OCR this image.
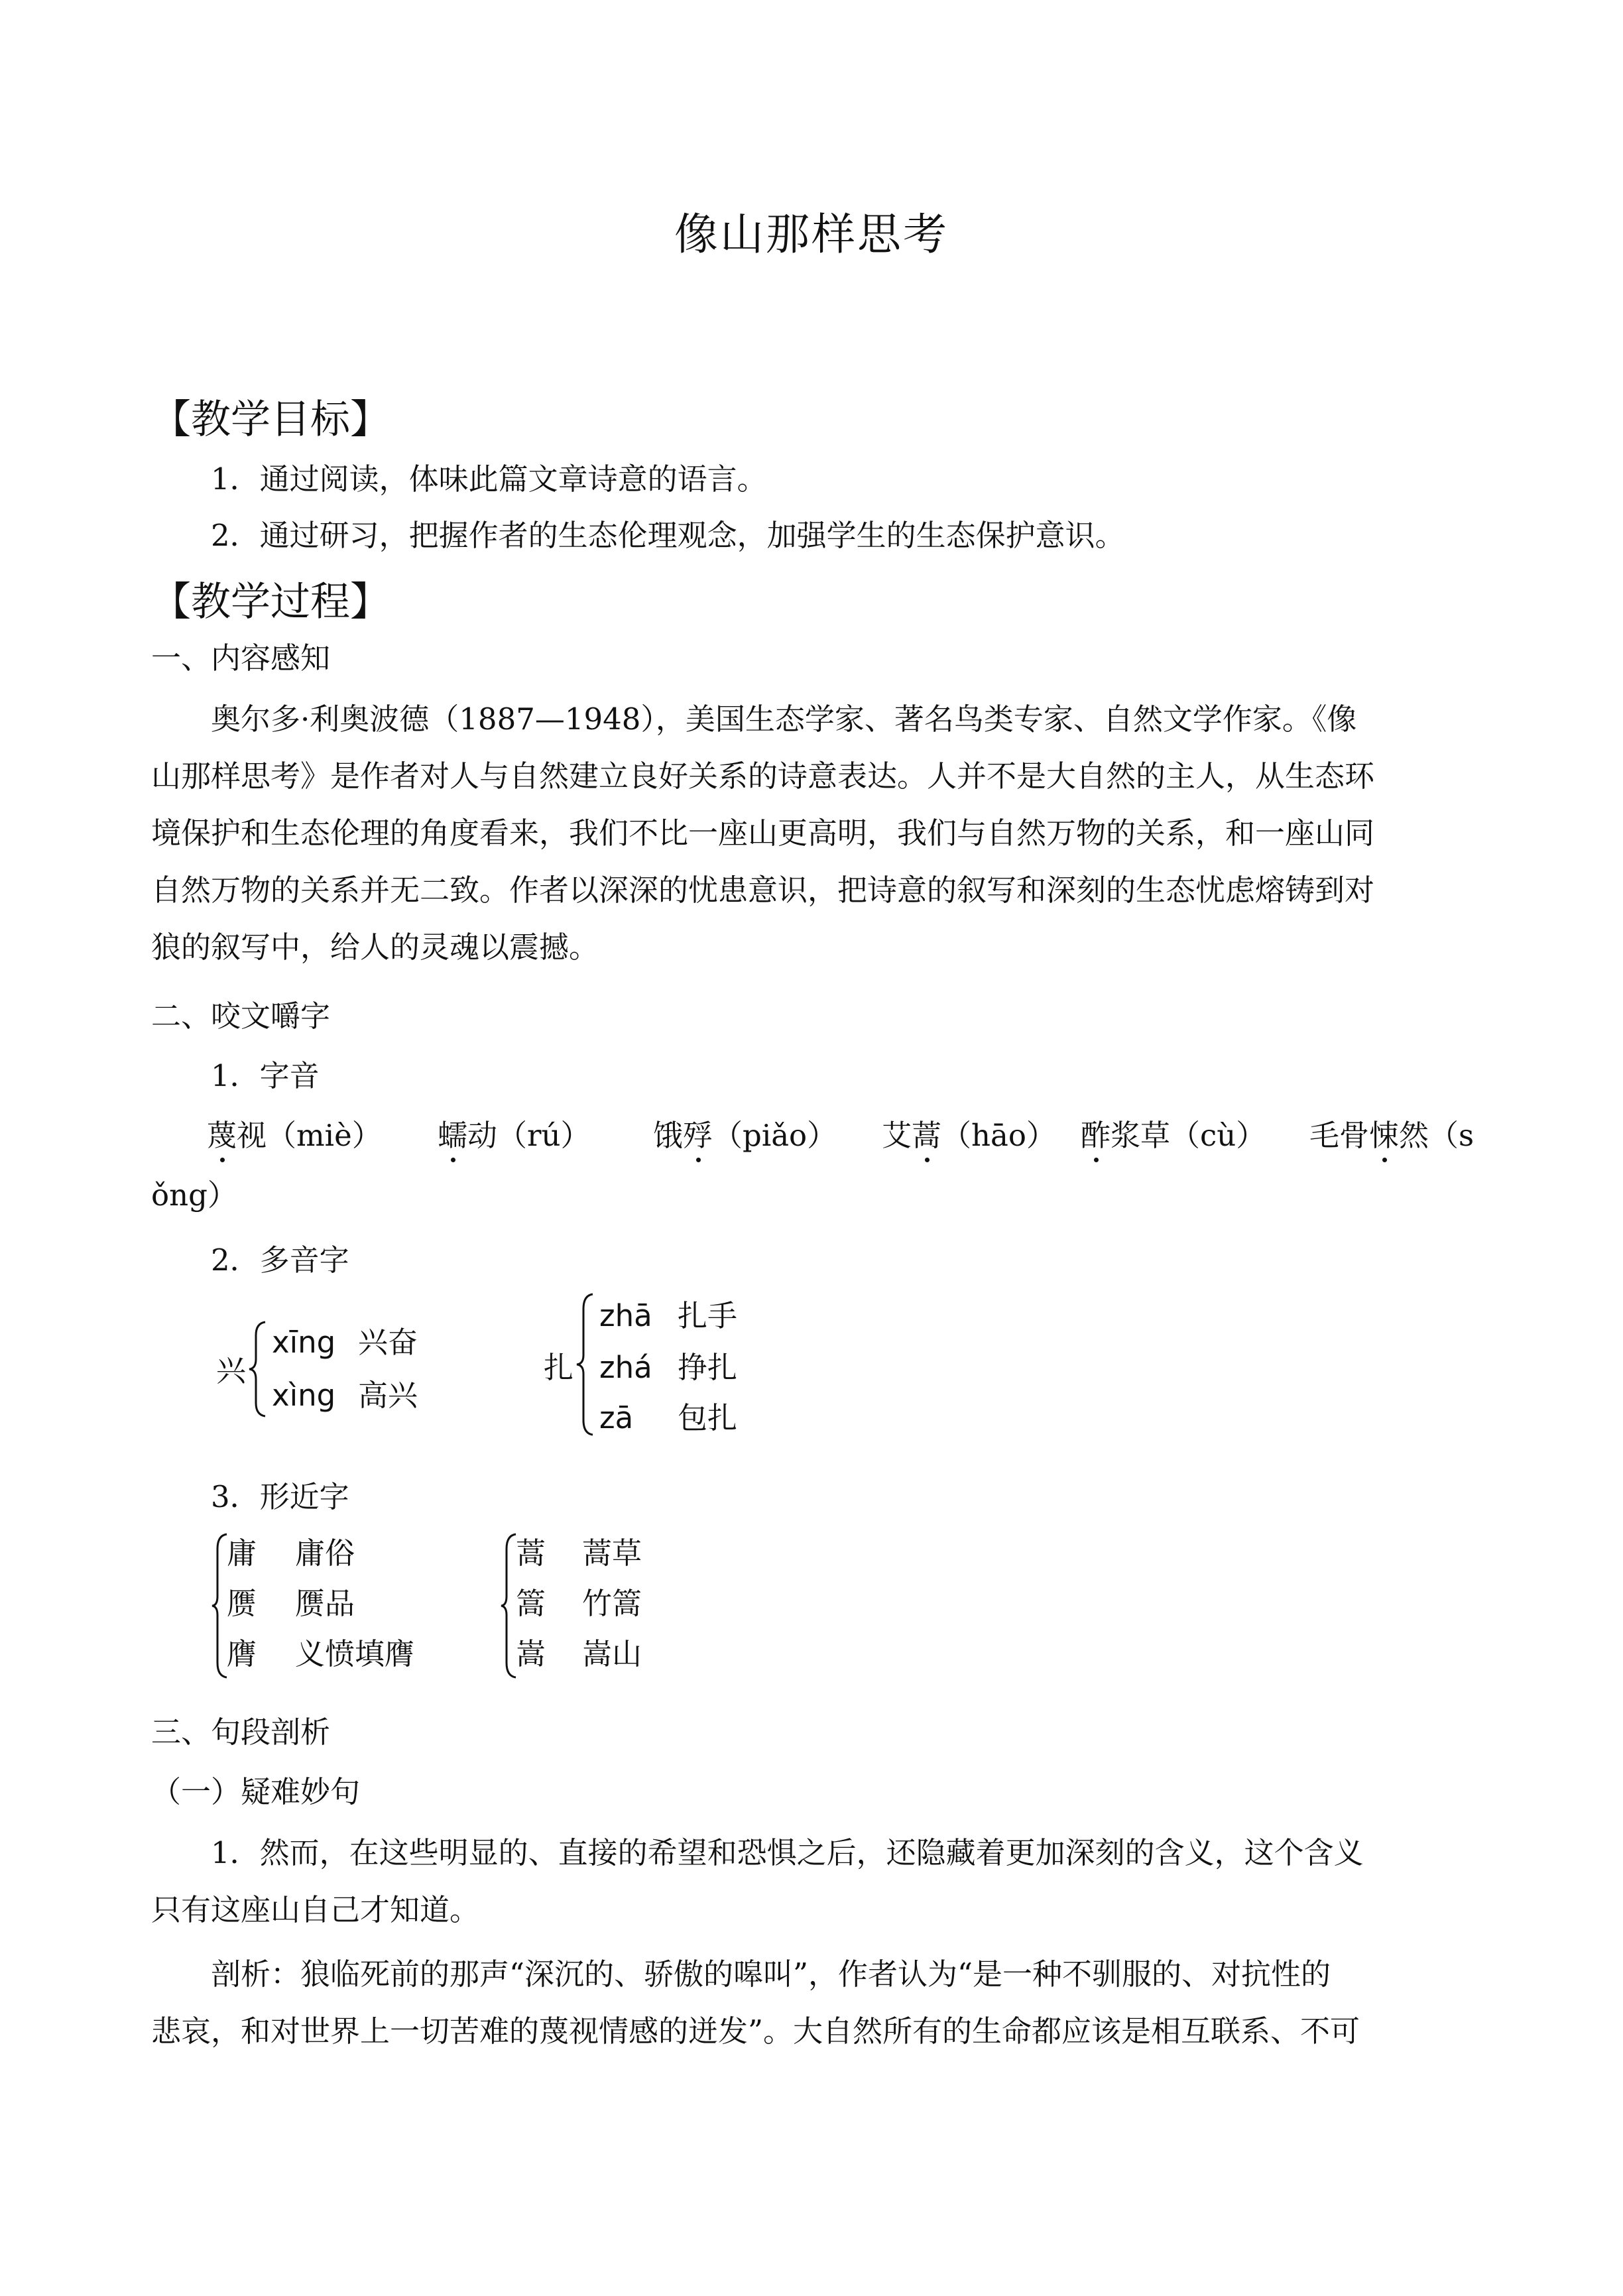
像山那样思考
【教学目标】
1．通过阅读，体味此篇文章诗意的语言。
2．通过研习，把握作者的生态伦理观念，加强学生的生态保护意识。
【教学过程】
一、内容感知
奥尔多·利奥波德（1887—1948），美国生态学家、著名鸟类专家、自然文学作家。《像
山那样思考》是作者对人与自然建立良好关系的诗意表达。人并不是大自然的主人，从生态环
境保护和生态伦理的角度看来，我们不比一座山更高明，我们与自然万物的关系，和一座山同
自然万物的关系并无二致。作者以深深的忧患意识，把诗意的叙写和深刻的生态忧虑熔铸到对
狼的叙写中，给人的灵魂以震撼。
二、咬文嚼字
1．字音
蔑视（miè） 蠕动（rú） 饿殍（piǎo） 艾蒿（hāo） 酢浆草（cù） 毛骨悚然（s
ǒng）
2．多音字
兴
xīng 兴奋
xìng 高兴
扎
zhā 扎手
zhá 挣扎
zā 包扎
3．形近字
庸 庸俗
赝 赝品
膺 义愤填膺
蒿 蒿草
篙 竹篙
嵩 嵩山
三、句段剖析
（一）疑难妙句
1．然而，在这些明显的、直接的希望和恐惧之后，还隐藏着更加深刻的含义，这个含义
只有这座山自己才知道。
剖析：狼临死前的那声“深沉的、骄傲的嗥叫”，作者认为“是一种不驯服的、对抗性的
悲哀，和对世界上一切苦难的蔑视情感的迸发”。大自然所有的生命都应该是相互联系、不可
